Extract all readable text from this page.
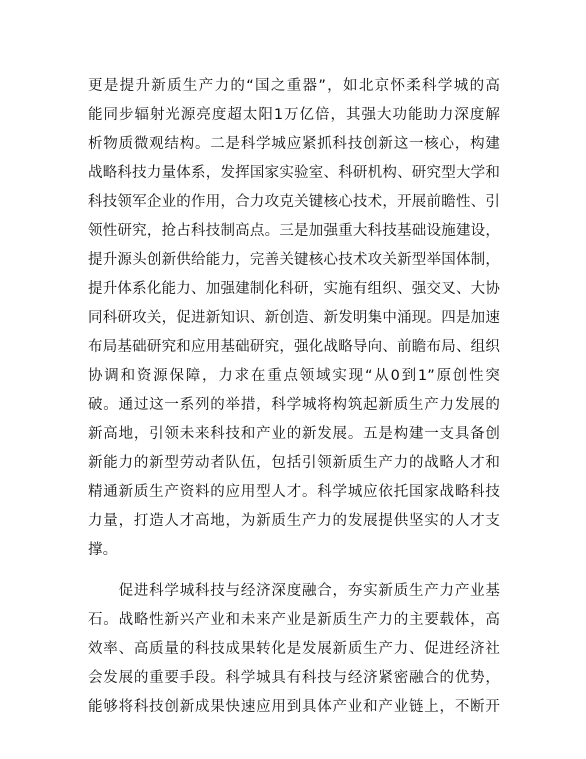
更是提升新质生产力的“国之重器”，如北京怀柔科学城的高
能同步辐射光源亮度超太阳1万亿倍，其强大功能助力深度解
析物质微观结构。二是科学城应紧抓科技创新这一核心，构建
战略科技力量体系，发挥国家实验室、科研机构、研究型大学和
科技领军企业的作用，合力攻克关键核心技术，开展前瞻性、引
领性研究，抢占科技制高点。三是加强重大科技基础设施建设，
提升源头创新供给能力，完善关键核心技术攻关新型举国体制，
提升体系化能力、加强建制化科研，实施有组织、强交叉、大协
同科研攻关，促进新知识、新创造、新发明集中涌现。四是加速
布局基础研究和应用基础研究，强化战略导向、前瞻布局、组织
协调和资源保障，力求在重点领域实现“从0到1”原创性突
破。通过这一系列的举措，科学城将构筑起新质生产力发展的
新高地，引领未来科技和产业的新发展。五是构建一支具备创
新能力的新型劳动者队伍，包括引领新质生产力的战略人才和
精通新质生产资料的应用型人才。科学城应依托国家战略科技
力量，打造人才高地，为新质生产力的发展提供坚实的人才支
撑。
　　促进科学城科技与经济深度融合，夯实新质生产力产业基
石。战略性新兴产业和未来产业是新质生产力的主要载体，高
效率、高质量的科技成果转化是发展新质生产力、促进经济社
会发展的重要手段。科学城具有科技与经济紧密融合的优势，
能够将科技创新成果快速应用到具体产业和产业链上，不断开
